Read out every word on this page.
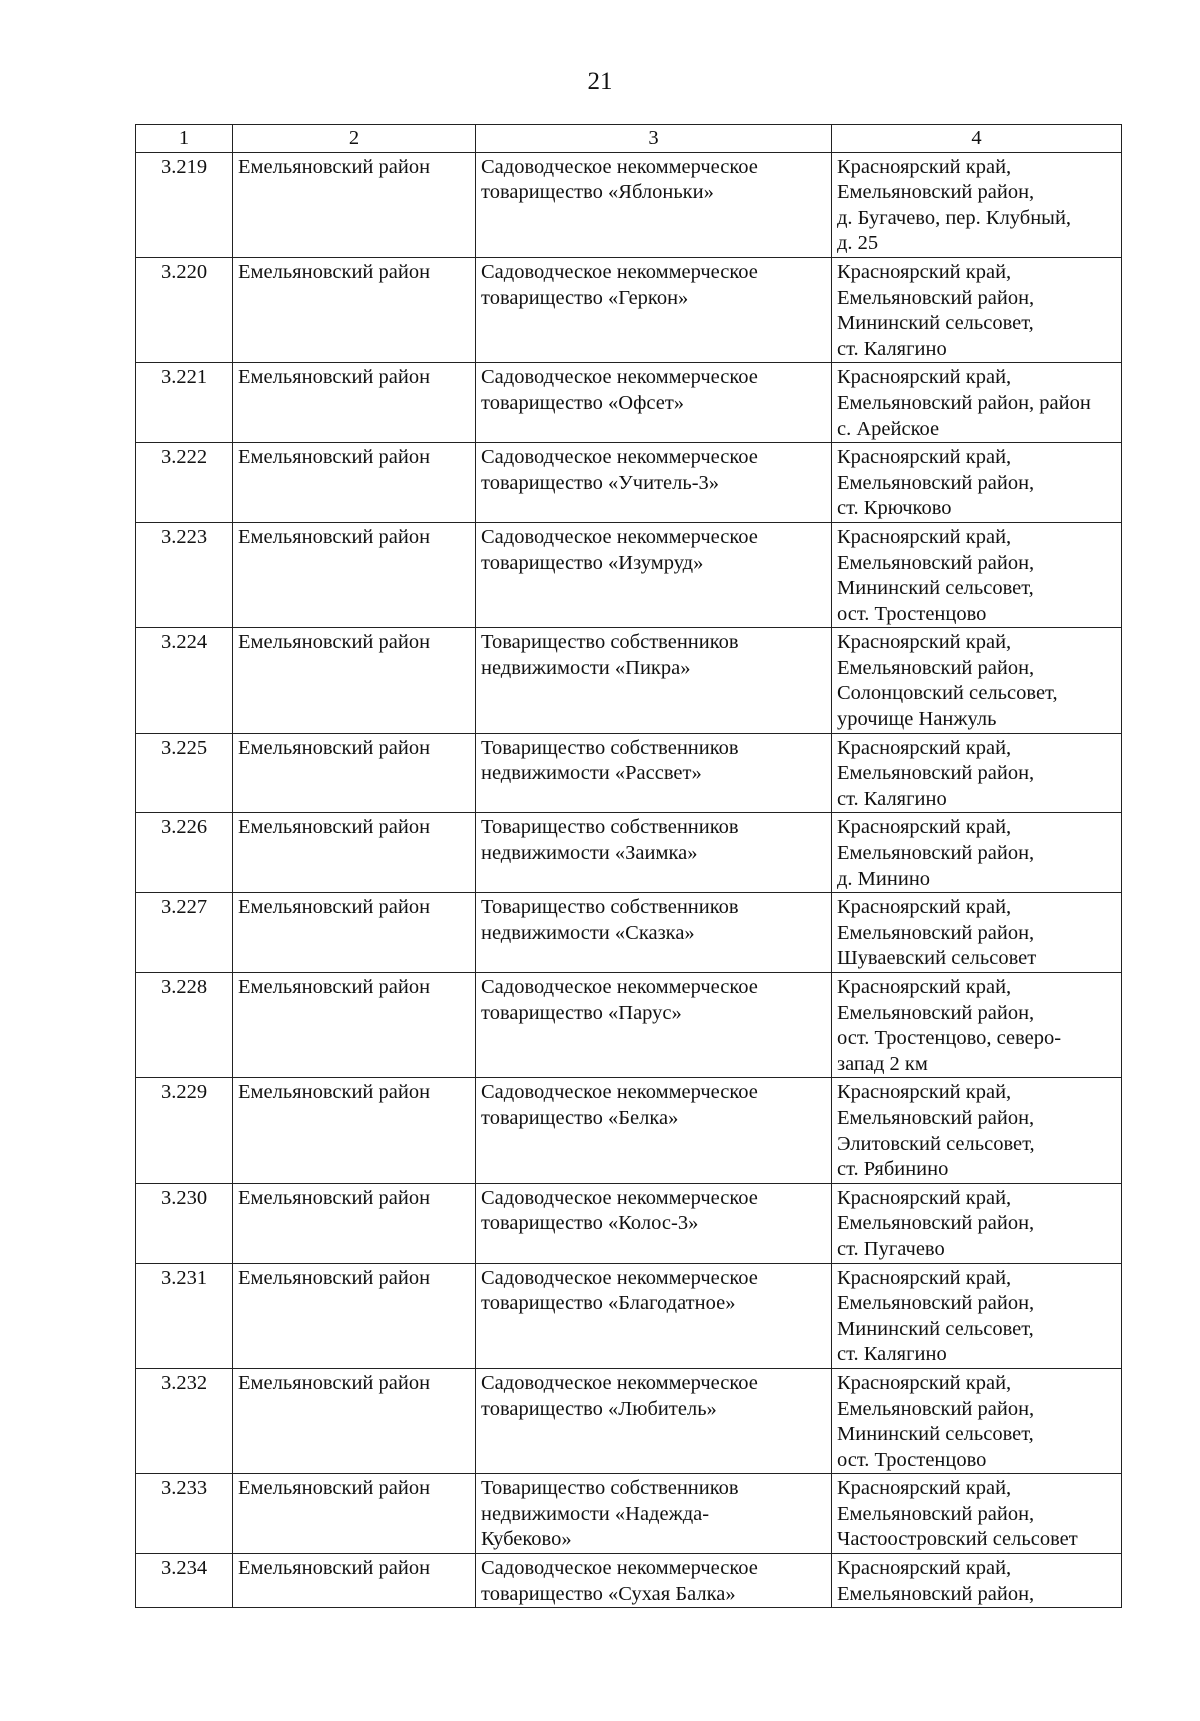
21
1	2	3	4
3.219	Емельяновский район	Садоводческое некоммерческое
товарищество «Яблоньки»	Красноярский край,
Емельяновский район,
д. Бугачево, пер. Клубный,
д. 25
3.220	Емельяновский район	Садоводческое некоммерческое
товарищество «Геркон»	Красноярский край,
Емельяновский район,
Мининский сельсовет,
ст. Калягино
3.221	Емельяновский район	Садоводческое некоммерческое
товарищество «Офсет»	Красноярский край,
Емельяновский район, район
с. Арейское
3.222	Емельяновский район	Садоводческое некоммерческое
товарищество «Учитель-3»	Красноярский край,
Емельяновский район,
ст. Крючково
3.223	Емельяновский район	Садоводческое некоммерческое
товарищество «Изумруд»	Красноярский край,
Емельяновский район,
Мининский сельсовет,
ост. Тростенцово
3.224	Емельяновский район	Товарищество собственников
недвижимости «Пикра»	Красноярский край,
Емельяновский район,
Солонцовский сельсовет,
урочище Нанжуль
3.225	Емельяновский район	Товарищество собственников
недвижимости «Рассвет»	Красноярский край,
Емельяновский район,
ст. Калягино
3.226	Емельяновский район	Товарищество собственников
недвижимости «Заимка»	Красноярский край,
Емельяновский район,
д. Минино
3.227	Емельяновский район	Товарищество собственников
недвижимости «Сказка»	Красноярский край,
Емельяновский район,
Шуваевский сельсовет
3.228	Емельяновский район	Садоводческое некоммерческое
товарищество «Парус»	Красноярский край,
Емельяновский район,
ост. Тростенцово, северо-
запад 2 км
3.229	Емельяновский район	Садоводческое некоммерческое
товарищество «Белка»	Красноярский край,
Емельяновский район,
Элитовский сельсовет,
ст. Рябинино
3.230	Емельяновский район	Садоводческое некоммерческое
товарищество «Колос-3»	Красноярский край,
Емельяновский район,
ст. Пугачево
3.231	Емельяновский район	Садоводческое некоммерческое
товарищество «Благодатное»	Красноярский край,
Емельяновский район,
Мининский сельсовет,
ст. Калягино
3.232	Емельяновский район	Садоводческое некоммерческое
товарищество «Любитель»	Красноярский край,
Емельяновский район,
Мининский сельсовет,
ост. Тростенцово
3.233	Емельяновский район	Товарищество собственников
недвижимости «Надежда-
Кубеково»	Красноярский край,
Емельяновский район,
Частоостровский сельсовет
3.234	Емельяновский район	Садоводческое некоммерческое
товарищество «Сухая Балка»	Красноярский край,
Емельяновский район,
